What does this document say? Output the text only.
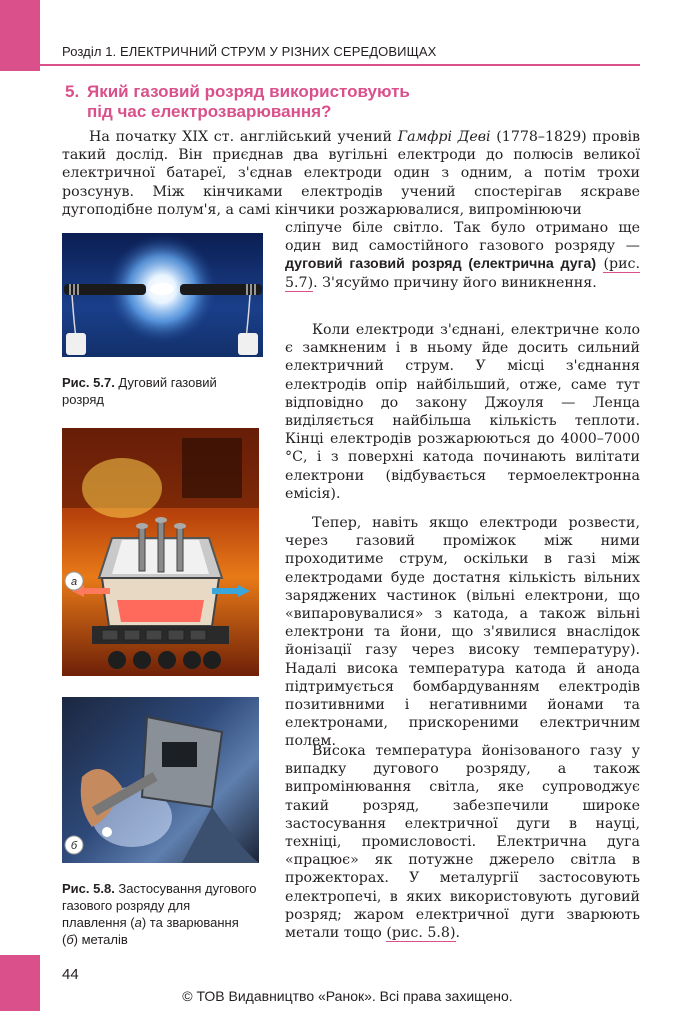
Розділ 1. ЕЛЕКТРИЧНИЙ СТРУМ У РІЗНИХ СЕРЕДОВИЩАХ
5. Який газовий розряд використовують
під час електрозварювання?

На початку XIX ст. англійський учений Гамфрі Деві (1778–1829) провів такий дослід. Він приєднав два вугільні електроди до полюсів великої електричної батареї, з'єднав електроди один з одним, а потім трохи розсунув. Між кінчиками електродів учений спостерігав яскраве дугоподібне полум'я, а самі кінчики розжарювалися, випромінюючи

сліпуче біле світло. Так було отримано ще один вид самостійного газового розряду — дуговий газовий розряд (електрична дуга) (рис. 5.7). З'ясуймо причину його виникнення.

Коли електроди з'єднані, електричне коло є замкненим і в ньому йде досить сильний електричний струм. У місці з'єднання електродів опір найбільший, отже, саме тут відповідно до закону Джоуля — Ленца виділяється найбільша кількість теплоти. Кінці електродів розжарюються до 4000–7000 °С, і з поверхні катода починають вилітати електрони (відбувається термоелектронна емісія).

Тепер, навіть якщо електроди розвести, через газовий проміжок між ними проходитиме струм, оскільки в газі між електродами буде достатня кількість вільних заряджених частинок (вільні електрони, що «випаровувалися» з катода, а також вільні електрони та йони, що з'явилися внаслідок йонізації газу через високу температуру). Надалі висока температура катода й анода підтримується бомбардуванням електродів позитивними і негативними йонами та електронами, прискореними електричним полем.

Висока температура йонізованого газу у випадку дугового розряду, а також випромінювання світла, яке супроводжує такий розряд, забезпечили широке застосування електричної дуги в науці, техніці, промисловості. Електрична дуга «працює» як потужне джерело світла в прожекторах. У металургії застосовують електропечі, в яких використовують дуговий розряд; жаром електричної дуги зварюють метали тощо (рис. 5.8).

Рис. 5.7. Дуговий газовий розряд
а
б
Рис. 5.8. Застосування дугового газового розряду для плавлення (а) та зварювання (б) металів
44
© ТОВ Видавництво «Ранок». Всі права захищено.
